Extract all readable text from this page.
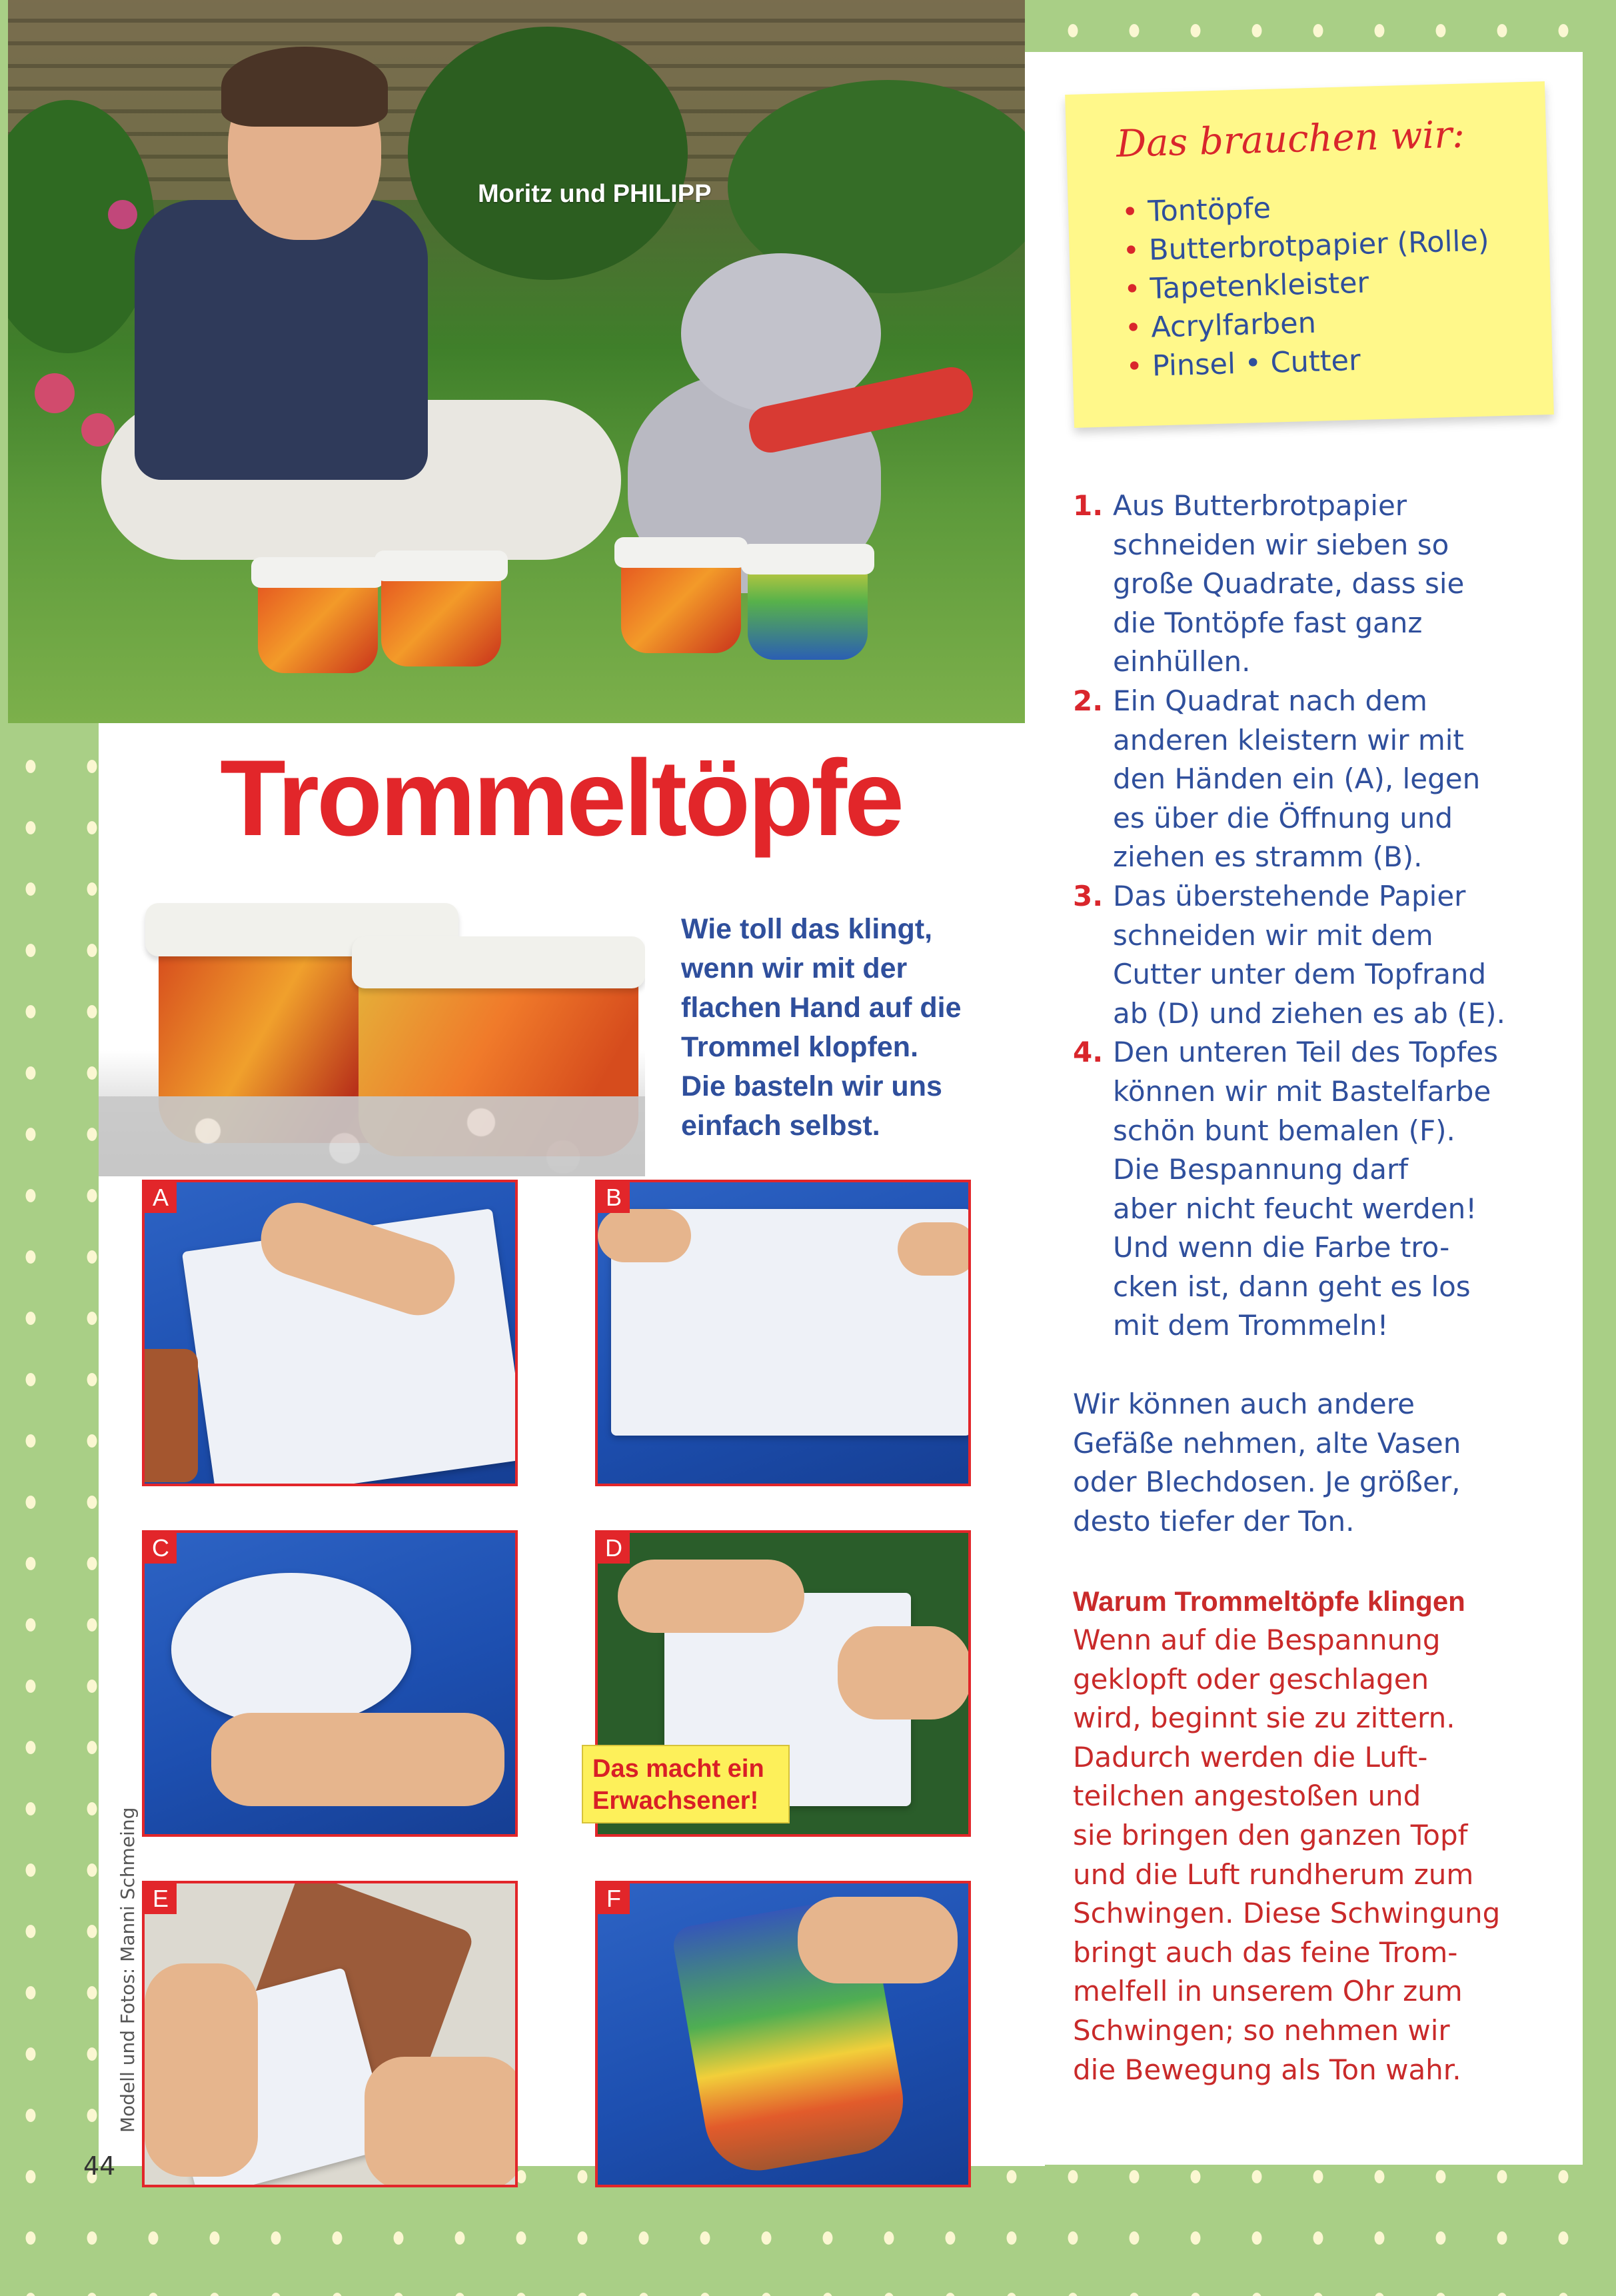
Moritz und PHILIPP
Trommeltöpfe
Wie toll das klingt,
wenn wir mit der
flachen Hand auf die
Trommel klopfen.
Die basteln wir uns
einfach selbst.
A	B
C	D
E	F
Das macht ein
Erwachsener!
Das brauchen wir:
• Tontöpfe
• Butterbrotpapier (Rolle)
• Tapetenkleister
• Acrylfarben
• Pinsel • Cutter
1. Aus Butterbrotpapier
schneiden wir sieben so
große Quadrate, dass sie
die Tontöpfe fast ganz
einhüllen.
2. Ein Quadrat nach dem
anderen kleistern wir mit
den Händen ein (A), legen
es über die Öffnung und
ziehen es stramm (B).
3. Das überstehende Papier
schneiden wir mit dem
Cutter unter dem Topfrand
ab (D) und ziehen es ab (E).
4. Den unteren Teil des Topfes
können wir mit Bastelfarbe
schön bunt bemalen (F).
Die Bespannung darf
aber nicht feucht werden!
Und wenn die Farbe tro-
cken ist, dann geht es los
mit dem Trommeln!
Wir können auch andere
Gefäße nehmen, alte Vasen
oder Blechdosen. Je größer,
desto tiefer der Ton.
Warum Trommeltöpfe klingen
Wenn auf die Bespannung
geklopft oder geschlagen
wird, beginnt sie zu zittern.
Dadurch werden die Luft-
teilchen angestoßen und
sie bringen den ganzen Topf
und die Luft rundherum zum
Schwingen. Diese Schwingung
bringt auch das feine Trom-
melfell in unserem Ohr zum
Schwingen; so nehmen wir
die Bewegung als Ton wahr.
Modell und Fotos: Manni Schmeing
44
